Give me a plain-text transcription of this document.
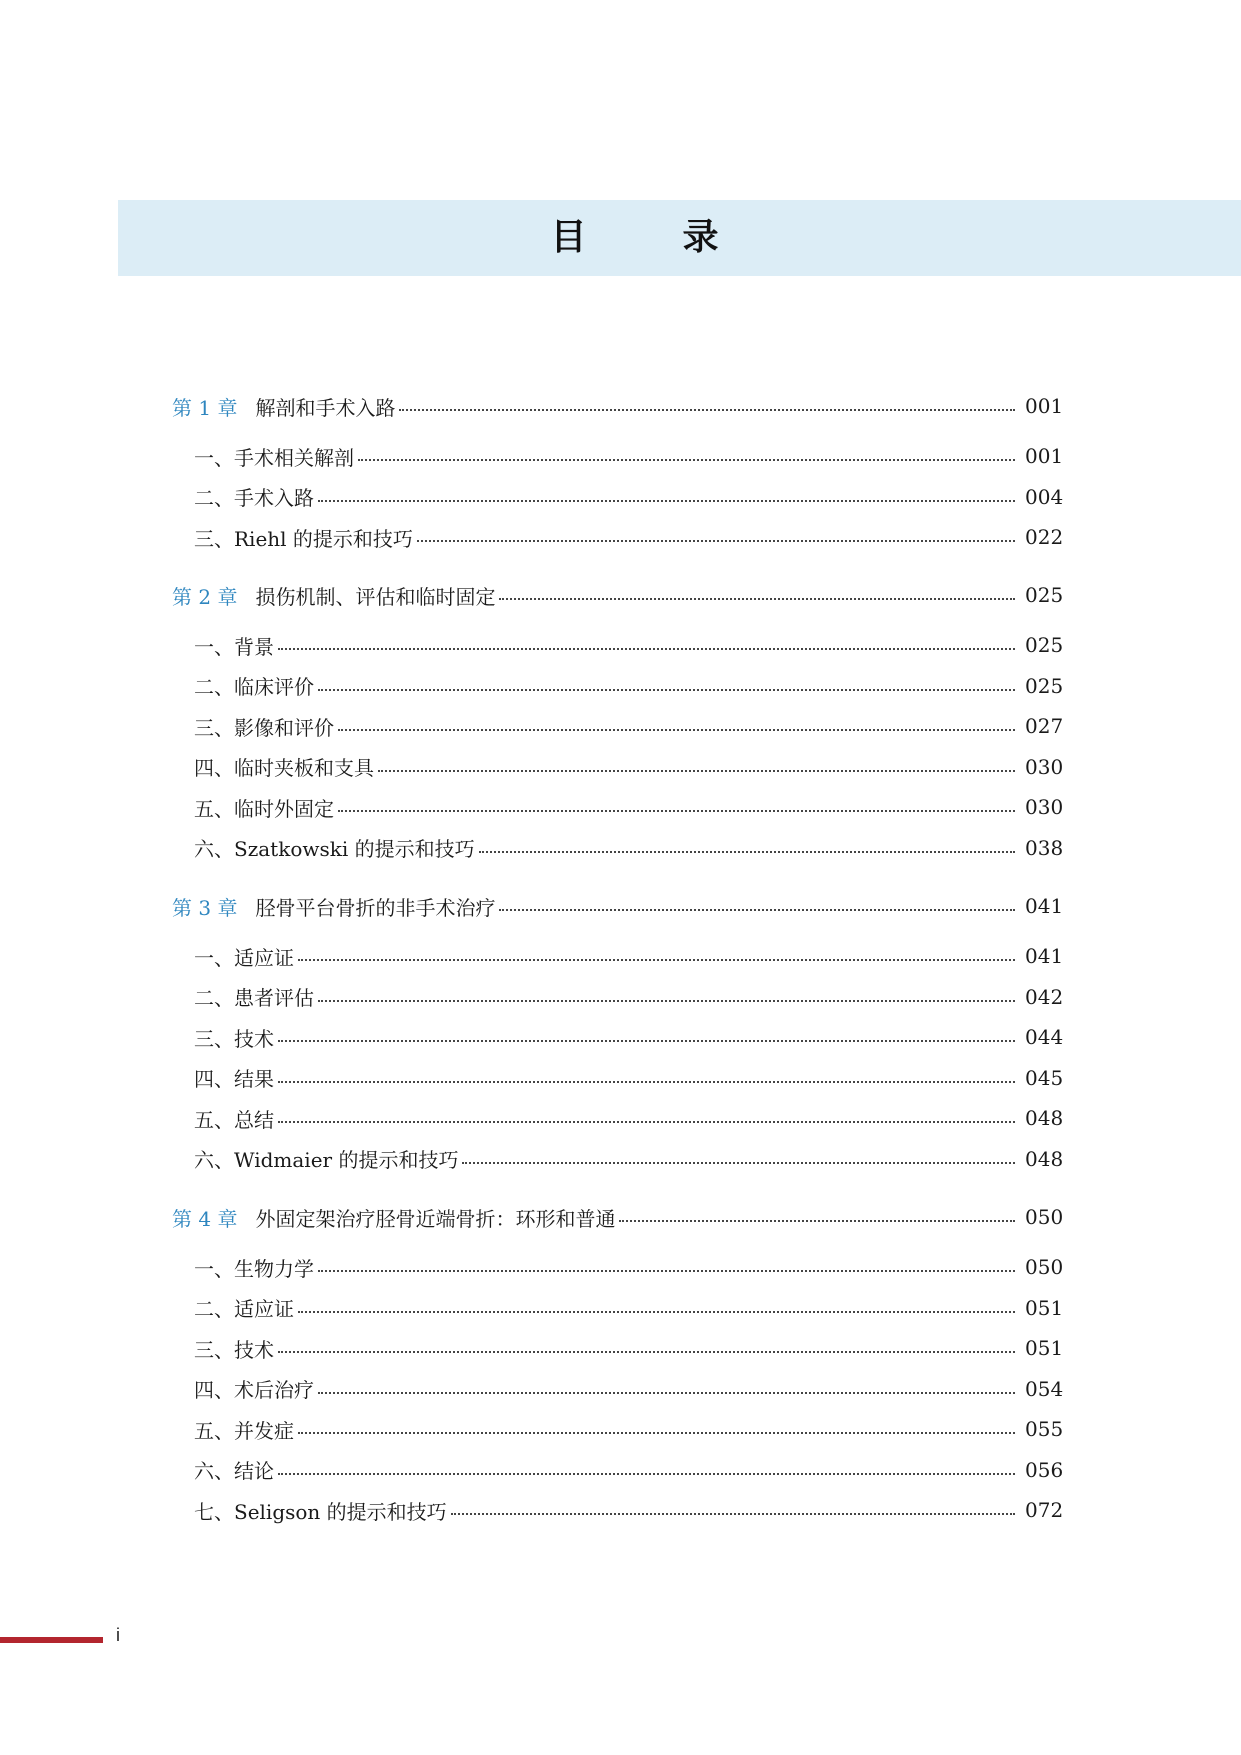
目　录
第 1 章 解剖和手术入路	001
一、手术相关解剖	001
二、手术入路	004
三、Riehl 的提示和技巧	022
第 2 章 损伤机制、评估和临时固定	025
一、背景	025
二、临床评价	025
三、影像和评价	027
四、临时夹板和支具	030
五、临时外固定	030
六、Szatkowski 的提示和技巧	038
第 3 章 胫骨平台骨折的非手术治疗	041
一、适应证	041
二、患者评估	042
三、技术	044
四、结果	045
五、总结	048
六、Widmaier 的提示和技巧	048
第 4 章 外固定架治疗胫骨近端骨折：环形和普通	050
一、生物力学	050
二、适应证	051
三、技术	051
四、术后治疗	054
五、并发症	055
六、结论	056
七、Seligson 的提示和技巧	072
i
